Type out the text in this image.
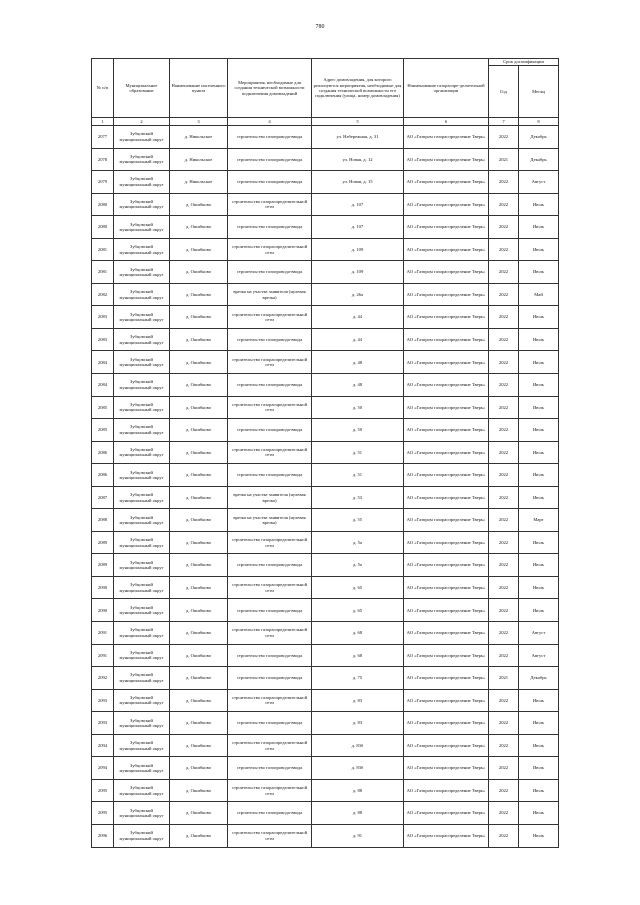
780
№ п/п	Муниципальное образование	Наименование населенного пункта	Мероприятия, необходимые для создания технической возможности подключения домовладений	Адрес домовладения, для которого реализуются мероприятия, необходимые для создания технической возможности его подключения (улица, номер домовладения)	Наименование газораспре-делительной организации	Срок догазификации	
						Год	Месяц
1	2	3	4	5	6	7	8
2077	Зубцовский муниципальный округ	д. Никольское	строительство газопровода-ввода	ул. Набережная, д. 31	АО «Газпром газораспределение Тверь»	2022	Декабрь
2078	Зубцовский муниципальный округ	д. Никольское	строительство газопровода-ввода	ул. Новая, д. 12	АО «Газпром газораспределение Тверь»	2021	Декабрь
2079	Зубцовский муниципальный округ	д. Никольское	строительство газопровода-ввода	ул. Новая, д. 15	АО «Газпром газораспределение Тверь»	2022	Август
2080	Зубцовский муниципальный округ	д. Ошибково	строительство газораспределительной сети	д. 107	АО «Газпром газораспределение Тверь»	2022	Июль
2080	Зубцовский муниципальный округ	д. Ошибково	строительство газопровода-ввода	д. 107	АО «Газпром газораспределение Тверь»	2022	Июль
2081	Зубцовский муниципальный округ	д. Ошибково	строительство газораспределительной сети	д. 109	АО «Газпром газораспределение Тверь»	2022	Июль
2081	Зубцовский муниципальный округ	д. Ошибково	строительство газопровода-ввода	д. 109	АО «Газпром газораспределение Тверь»	2022	Июль
2082	Зубцовский муниципальный округ	д. Ошибково	врезка на участке заявителя (нулевая врезка)	д. 26а	АО «Газпром газораспределение Тверь»	2022	Май
2083	Зубцовский муниципальный округ	д. Ошибково	строительство газораспределительной сети	д. 44	АО «Газпром газораспределение Тверь»	2022	Июль
2083	Зубцовский муниципальный округ	д. Ошибково	строительство газопровода-ввода	д. 44	АО «Газпром газораспределение Тверь»	2022	Июль
2084	Зубцовский муниципальный округ	д. Ошибково	строительство газораспределительной сети	д. 48	АО «Газпром газораспределение Тверь»	2022	Июль
2084	Зубцовский муниципальный округ	д. Ошибково	строительство газопровода-ввода	д. 48	АО «Газпром газораспределение Тверь»	2022	Июль
2085	Зубцовский муниципальный округ	д. Ошибково	строительство газораспределительной сети	д. 50	АО «Газпром газораспределение Тверь»	2022	Июль
2085	Зубцовский муниципальный округ	д. Ошибково	строительство газопровода-ввода	д. 50	АО «Газпром газораспределение Тверь»	2022	Июль
2086	Зубцовский муниципальный округ	д. Ошибково	строительство газораспределительной сети	д. 51	АО «Газпром газораспределение Тверь»	2022	Июль
2086	Зубцовский муниципальный округ	д. Ошибково	строительство газопровода-ввода	д. 51	АО «Газпром газораспределение Тверь»	2022	Июль
2087	Зубцовский муниципальный округ	д. Ошибково	врезка на участке заявителя (нулевая врезка)	д. 53	АО «Газпром газораспределение Тверь»	2022	Июль
2088	Зубцовский муниципальный округ	д. Ошибково	врезка на участке заявителя (нулевая врезка)	д. 55	АО «Газпром газораспределение Тверь»	2022	Март
2089	Зубцовский муниципальный округ	д. Ошибково	строительство газораспределительной сети	д. 5а	АО «Газпром газораспределение Тверь»	2022	Июль
2089	Зубцовский муниципальный округ	д. Ошибково	строительство газопровода-ввода	д. 5а	АО «Газпром газораспределение Тверь»	2022	Июль
2090	Зубцовский муниципальный округ	д. Ошибково	строительство газораспределительной сети	д. 65	АО «Газпром газораспределение Тверь»	2022	Июль
2090	Зубцовский муниципальный округ	д. Ошибково	строительство газопровода-ввода	д. 65	АО «Газпром газораспределение Тверь»	2022	Июль
2091	Зубцовский муниципальный округ	д. Ошибково	строительство газораспределительной сети	д. 68	АО «Газпром газораспределение Тверь»	2022	Август
2091	Зубцовский муниципальный округ	д. Ошибково	строительство газопровода-ввода	д. 68	АО «Газпром газораспределение Тверь»	2022	Август
2092	Зубцовский муниципальный округ	д. Ошибково	строительство газопровода-ввода	д. 75	АО «Газпром газораспределение Тверь»	2021	Декабрь
2093	Зубцовский муниципальный округ	д. Ошибково	строительство газораспределительной сети	д. 83	АО «Газпром газораспределение Тверь»	2022	Июль
2093	Зубцовский муниципальный округ	д. Ошибково	строительство газопровода-ввода	д. 83	АО «Газпром газораспределение Тверь»	2022	Июль
2094	Зубцовский муниципальный округ	д. Ошибково	строительство газораспределительной сети	д. 83б	АО «Газпром газораспределение Тверь»	2022	Июль
2094	Зубцовский муниципальный округ	д. Ошибково	строительство газопровода-ввода	д. 83б	АО «Газпром газораспределение Тверь»	2022	Июль
2095	Зубцовский муниципальный округ	д. Ошибково	строительство газораспределительной сети	д. 88	АО «Газпром газораспределение Тверь»	2022	Июль
2095	Зубцовский муниципальный округ	д. Ошибково	строительство газопровода-ввода	д. 88	АО «Газпром газораспределение Тверь»	2022	Июль
2096	Зубцовский муниципальный округ	д. Ошибково	строительство газораспределительной сети	д. 91	АО «Газпром газораспределение Тверь»	2022	Июль
